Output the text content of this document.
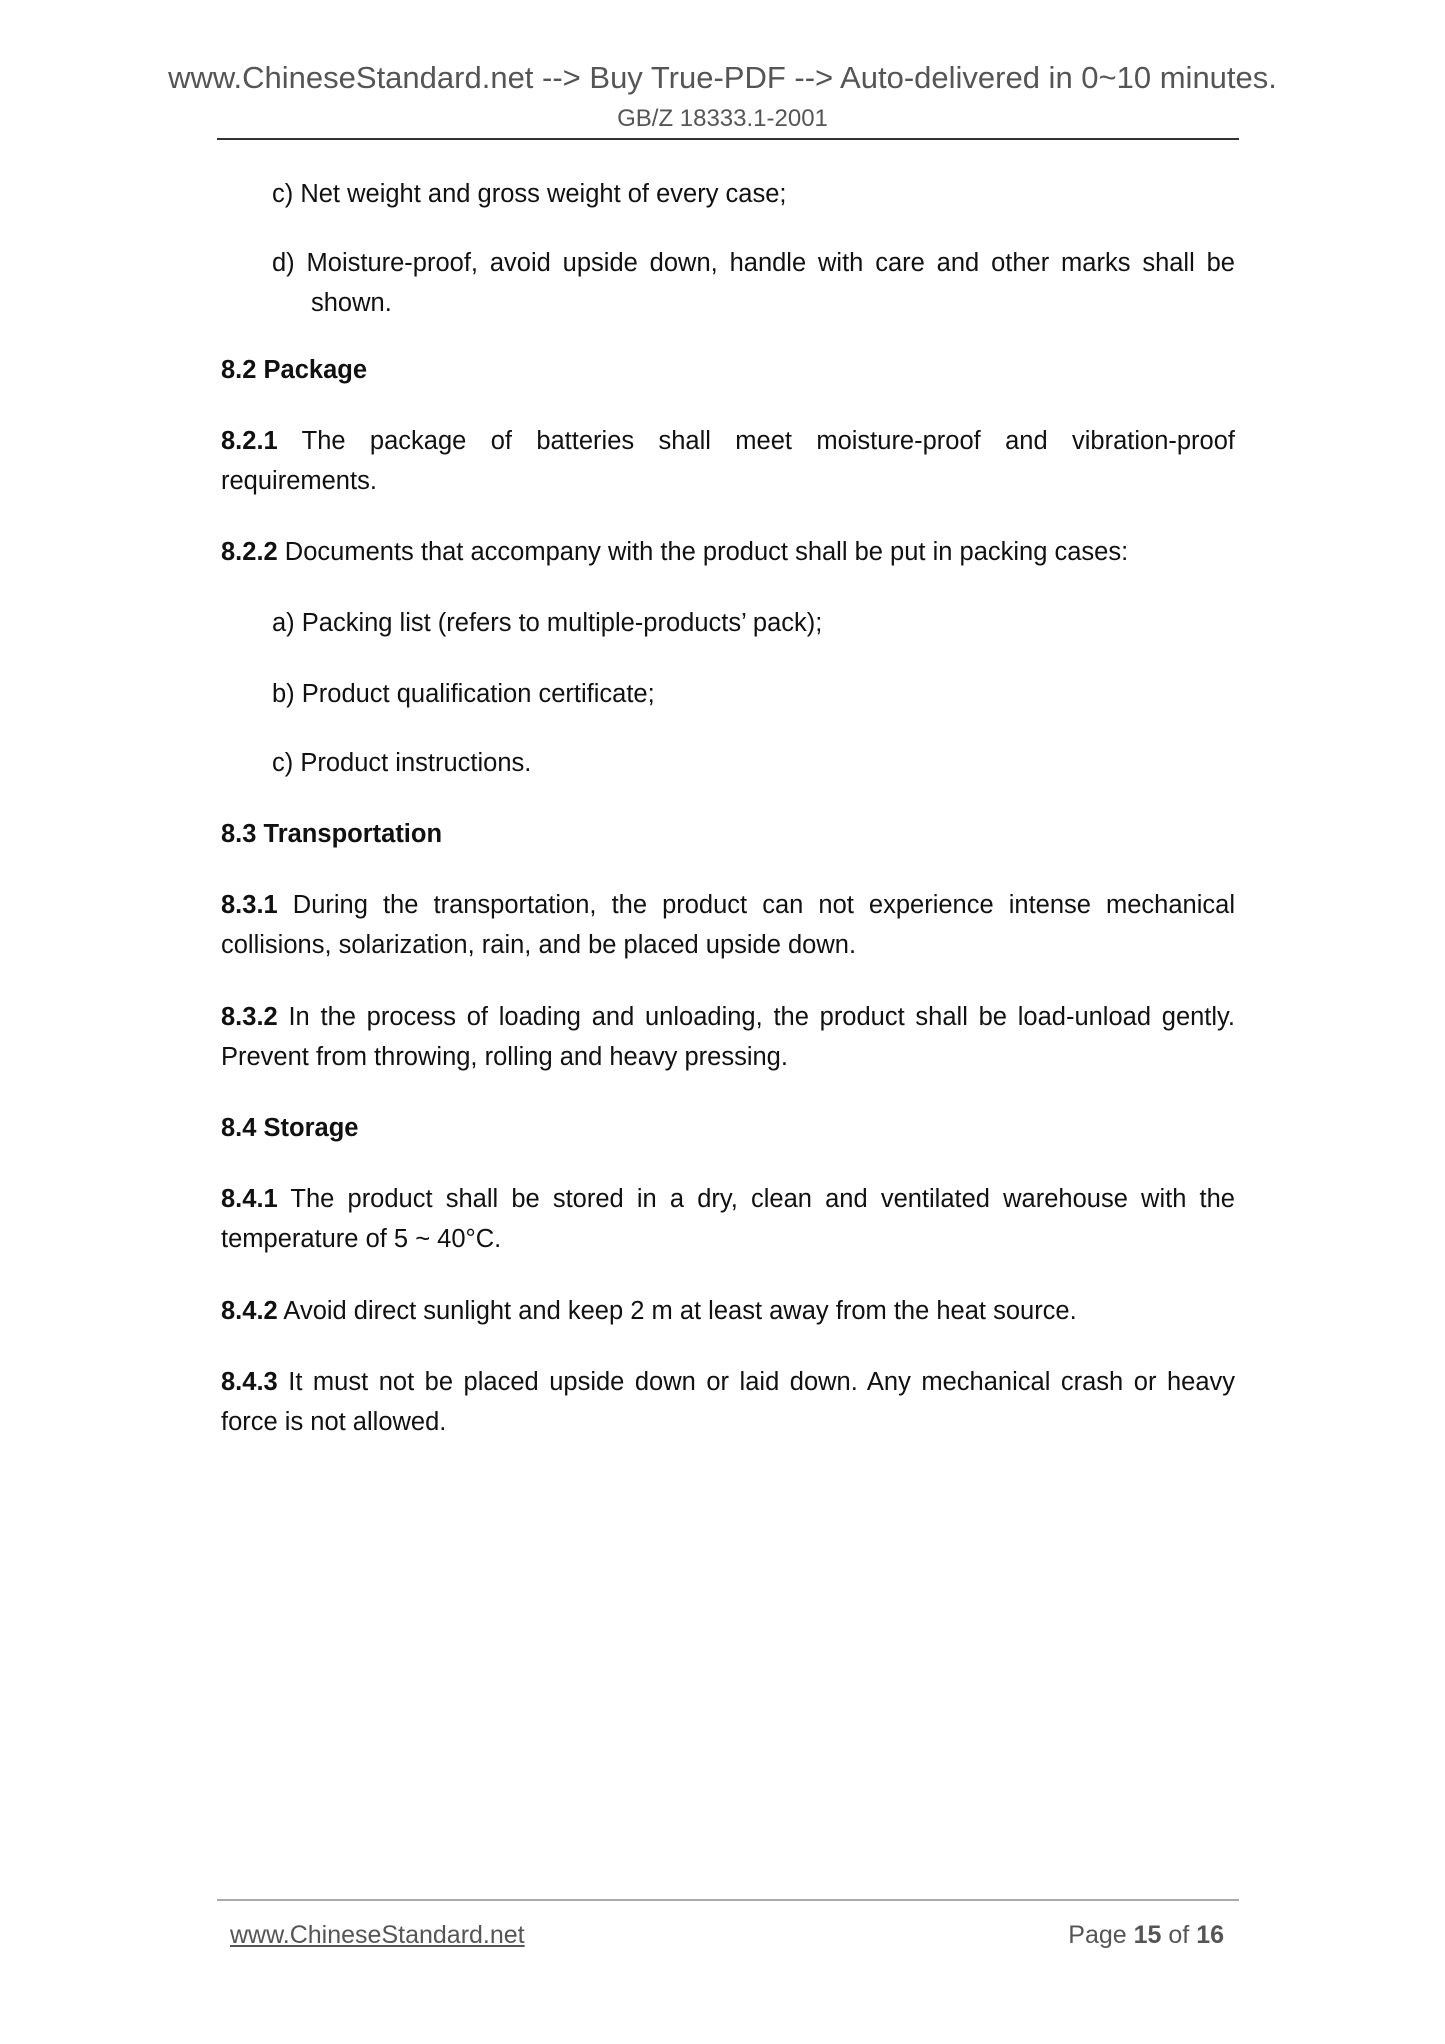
www.ChineseStandard.net --> Buy True-PDF --> Auto-delivered in 0~10 minutes.
GB/Z 18333.1-2001
c) Net weight and gross weight of every case;
d) Moisture-proof, avoid upside down, handle with care and other marks shall be shown.
8.2 Package
8.2.1 The package of batteries shall meet moisture-proof and vibration-proof requirements.
8.2.2 Documents that accompany with the product shall be put in packing cases:
a) Packing list (refers to multiple-products’ pack);
b) Product qualification certificate;
c) Product instructions.
8.3 Transportation
8.3.1 During the transportation, the product can not experience intense mechanical collisions, solarization, rain, and be placed upside down.
8.3.2 In the process of loading and unloading, the product shall be load-unload gently. Prevent from throwing, rolling and heavy pressing.
8.4 Storage
8.4.1 The product shall be stored in a dry, clean and ventilated warehouse with the temperature of 5 ~ 40°C.
8.4.2 Avoid direct sunlight and keep 2 m at least away from the heat source.
8.4.3 It must not be placed upside down or laid down. Any mechanical crash or heavy force is not allowed.
www.ChineseStandard.net	Page 15 of 16
